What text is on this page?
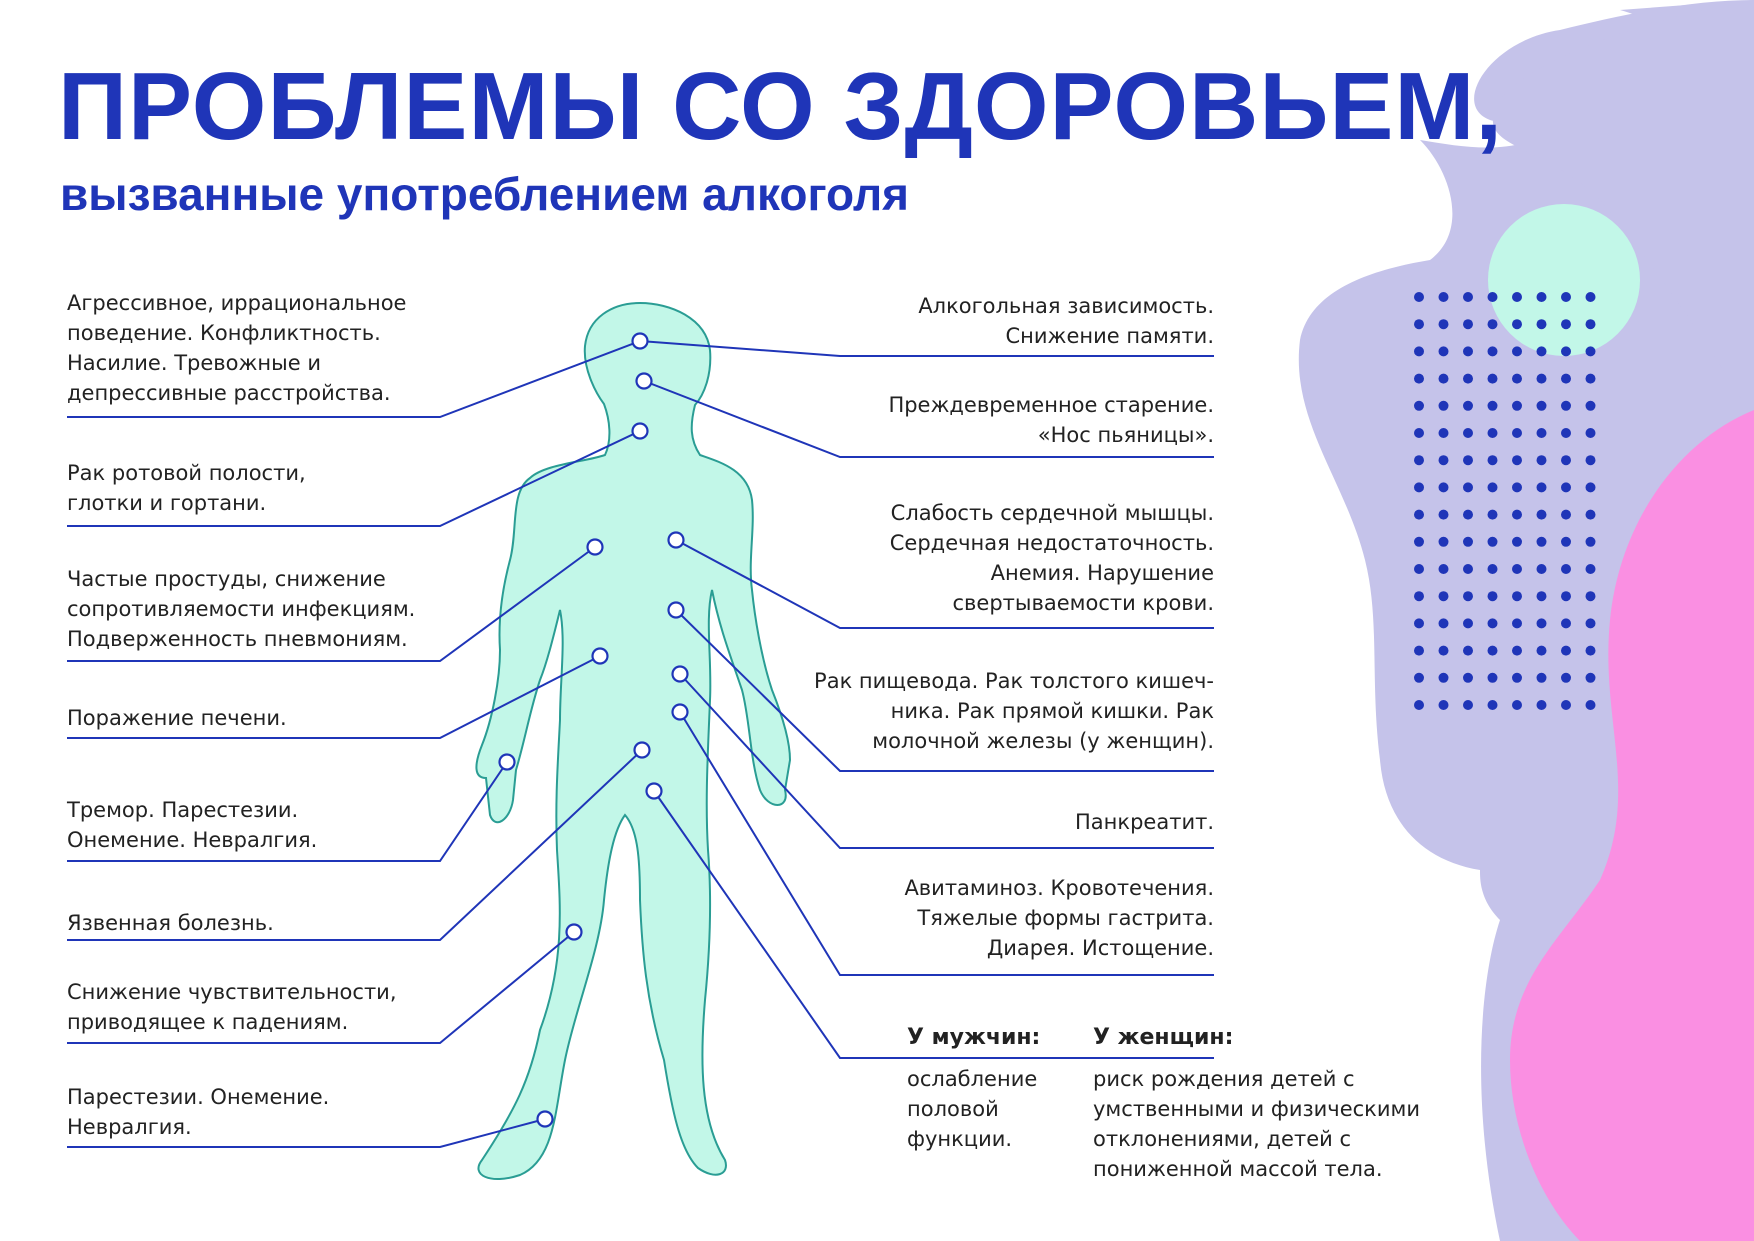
ПРОБЛЕМЫ СО ЗДОРОВЬЕМ,
вызванные употреблением алкоголя
Агрессивное, иррациональное
поведение. Конфликтность.
Насилие. Тревожные и
депрессивные расстройства.
Рак ротовой полости,
глотки и гортани.
Частые простуды, снижение
сопротивляемости инфекциям.
Подверженность пневмониям.
Поражение печени.
Тремор. Парестезии.
Онемение. Невралгия.
Язвенная болезнь.
Снижение чувствительности,
приводящее к падениям.
Парестезии. Онемение.
Невралгия.
Алкогольная зависимость.
Снижение памяти.
Преждевременное старение.
«Нос пьяницы».
Слабость сердечной мышцы.
Сердечная недостаточность.
Анемия. Нарушение
свертываемости крови.
Рак пищевода. Рак толстого кишеч-
ника. Рак прямой кишки. Рак
молочной железы (у женщин).
Панкреатит.
Авитаминоз. Кровотечения.
Тяжелые формы гастрита.
Диарея. Истощение.
У мужчин: У женщин:
ослабление
половой
функции.
риск рождения детей с
умственными и физическими
отклонениями, детей с
пониженной массой тела.
